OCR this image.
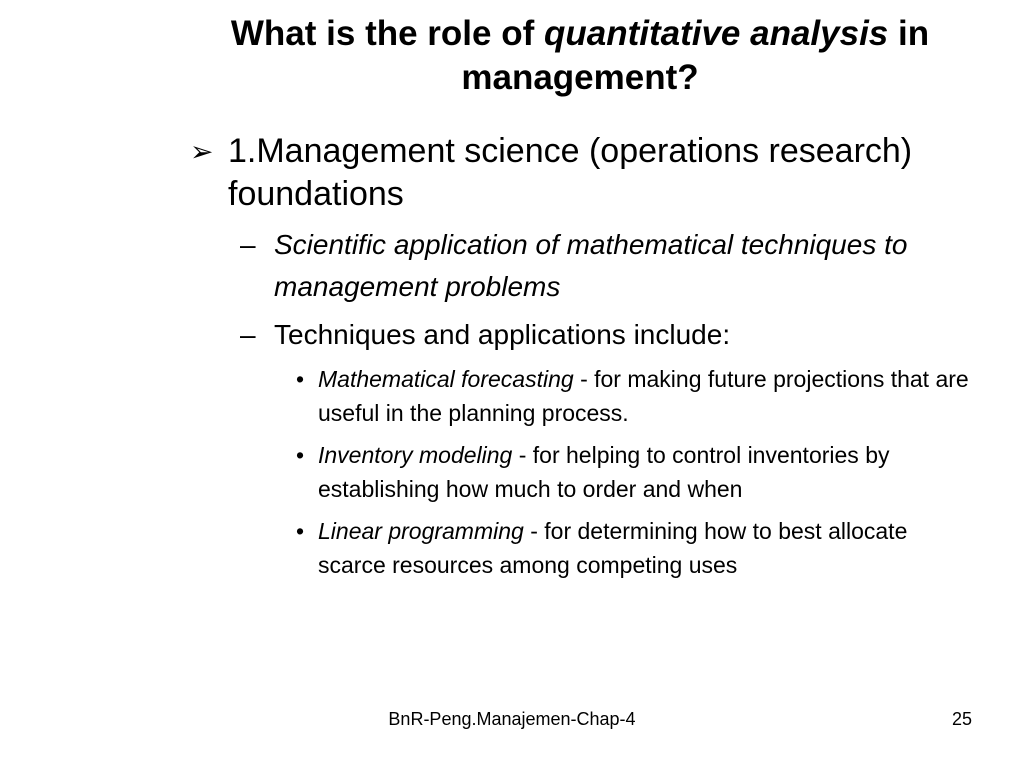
What is the role of quantitative analysis in management?
➢ 1.Management science (operations research) foundations
– Scientific application of mathematical techniques to management problems
– Techniques and applications include:
• Mathematical forecasting - for making future projections that are useful in the planning process.
• Inventory modeling - for helping to control inventories by establishing how much to order and when
• Linear programming - for determining how to best allocate scarce resources among competing uses
BnR-Peng.Manajemen-Chap-4	25
